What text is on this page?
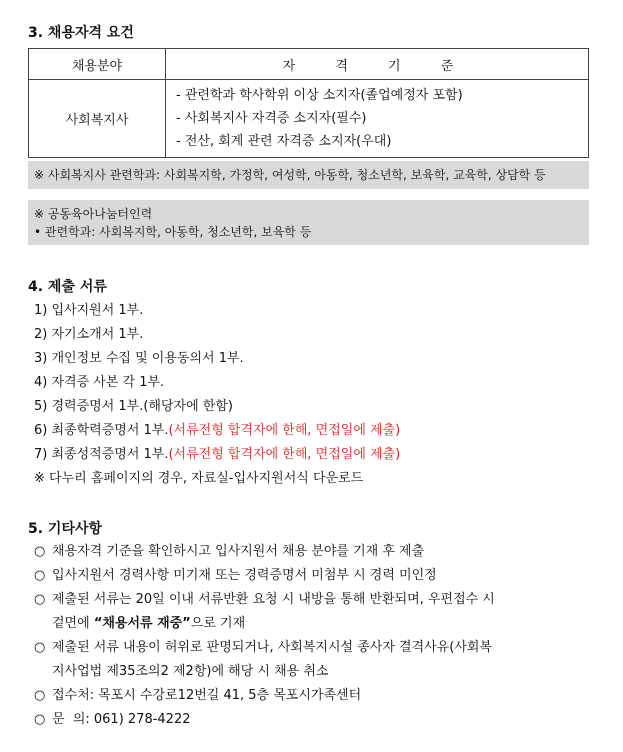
3. 채용자격 요건
채용분야	자 격 기 준
사회복지사	- 관련학과 학사학위 이상 소지자(졸업예정자 포함)
- 사회복지사 자격증 소지자(필수)
- 전산, 회계 관련 자격증 소지자(우대)
※ 사회복지사 관련학과: 사회복지학, 가정학, 여성학, 아동학, 청소년학, 보육학, 교육학, 상담학 등
※ 공동육아나눔터인력
• 관련학과: 사회복지학, 아동학, 청소년학, 보육학 등
4. 제출 서류
1) 입사지원서 1부.
2) 자기소개서 1부.
3) 개인정보 수집 및 이용동의서 1부.
4) 자격증 사본 각 1부.
5) 경력증명서 1부.(해당자에 한함)
6) 최종학력증명서 1부.(서류전형 합격자에 한해, 면접일에 제출)
7) 최종성적증명서 1부.(서류전형 합격자에 한해, 면접일에 제출)
※ 다누리 홈페이지의 경우, 자료실-입사지원서식 다운로드
5. 기타사항
○ 채용자격 기준을 확인하시고 입사지원서 채용 분야를 기재 후 제출
○ 입사지원서 경력사항 미기재 또는 경력증명서 미첨부 시 경력 미인정
○ 제출된 서류는 20일 이내 서류반환 요청 시 내방을 통해 반환되며, 우편접수 시
겉면에 “채용서류 재중”으로 기재
○ 제출된 서류 내용이 허위로 판명되거나, 사회복지시설 종사자 결격사유(사회복
지사업법 제35조의2 제2항)에 해당 시 채용 취소
○ 접수처: 목포시 수강로12번길 41, 5층 목포시가족센터
○ 문  의: 061) 278-4222
